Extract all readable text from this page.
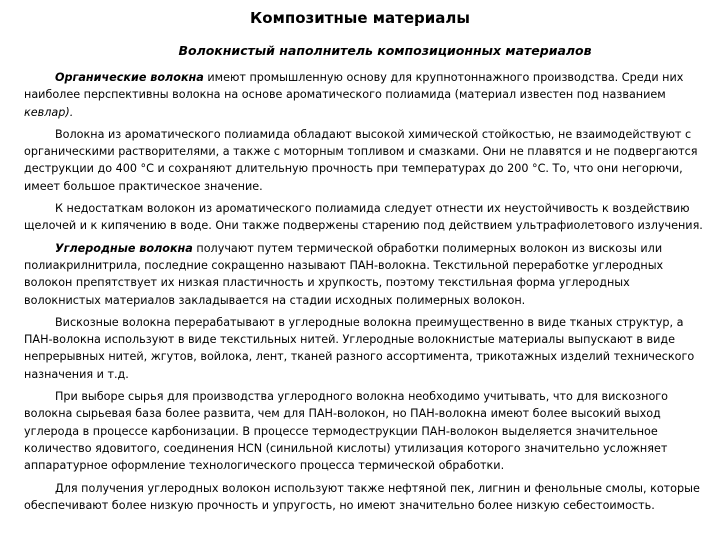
Композитные материалы
Волокнистый наполнитель композиционных материалов

Органические волокна имеют промышленную основу для крупнотоннажного производства. Среди них наиболее перспективны волокна на основе ароматического полиамида (материал известен под названием кевлар).

Волокна из ароматического полиамида обладают высокой химической стойкостью, не взаимодействуют с органическими растворителями, а также с моторным топливом и смазками. Они не плавятся и не подвергаются деструкции до 400 °С и сохраняют длительную прочность при температурах до 200 °С. То, что они негорючи, имеет большое практическое значение.

К недостаткам волокон из ароматического полиамида следует отнести их неустойчивость к воздействию щелочей и к кипячению в воде. Они также подвержены старению под действием ультрафиолетового излучения.

Углеродные волокна получают путем термической обработки полимерных волокон из вискозы или полиакрилнитрила, последние сокращенно называют ПАН-волокна. Текстильной переработке углеродных волокон препятствует их низкая пластичность и хрупкость, поэтому текстильная форма углеродных волокнистых материалов закладывается на стадии исходных полимерных волокон.

Вискозные волокна перерабатывают в углеродные волокна преимущественно в виде тканых структур, а ПАН-волокна используют в виде текстильных нитей. Углеродные волокнистые материалы выпускают в виде непрерывных нитей, жгутов, войлока, лент, тканей разного ассортимента, трикотажных изделий технического назначения и т.д.

При выборе сырья для производства углеродного волокна необходимо учитывать, что для вискозного волокна сырьевая база более развита, чем для ПАН-волокон, но ПАН-волокна имеют более высокий выход углерода в процессе карбонизации. В процессе термодеструкции ПАН-волокон выделяется значительное количество ядовитого, соединения HCN (синильной кислоты) утилизация которого значительно усложняет аппаратурное оформление технологического процесса термической обработки.

Для получения углеродных волокон используют также нефтяной пек, лигнин и фенольные смолы, которые обеспечивают более низкую прочность и упругость, но имеют значительно более низкую себестоимость.
